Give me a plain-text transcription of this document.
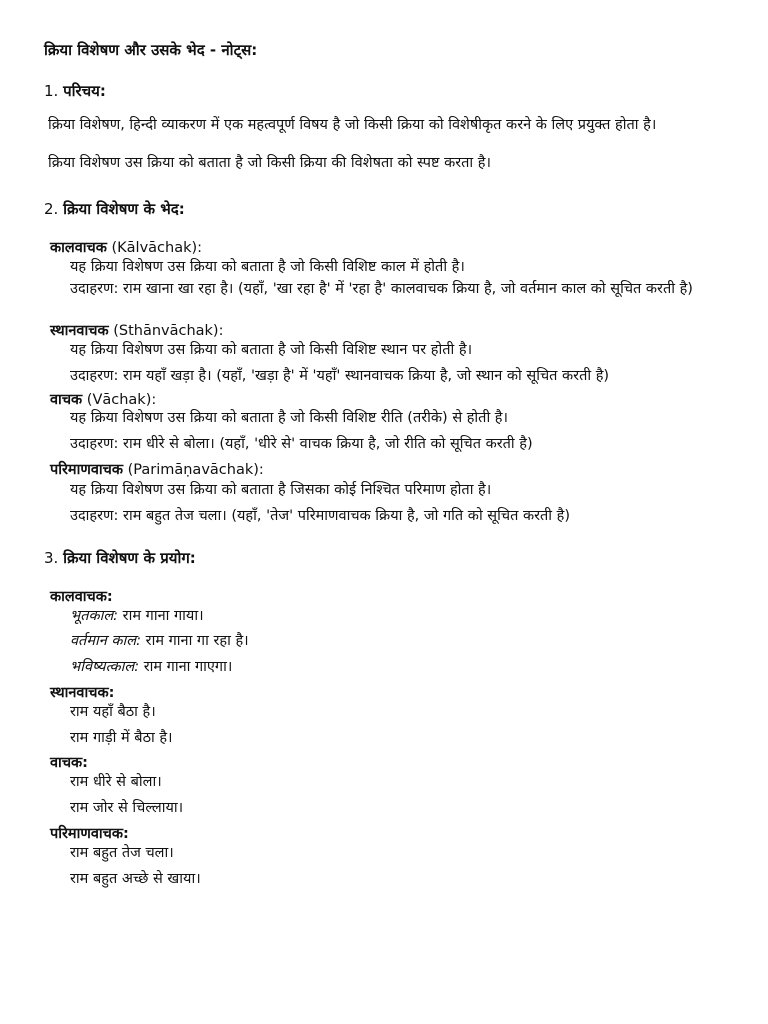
क्रिया विशेषण और उसके भेद - नोट्स:
1. परिचय:
क्रिया विशेषण, हिन्दी व्याकरण में एक महत्वपूर्ण विषय है जो किसी क्रिया को विशेषीकृत करने के लिए प्रयुक्त होता है।
क्रिया विशेषण उस क्रिया को बताता है जो किसी क्रिया की विशेषता को स्पष्ट करता है।
2. क्रिया विशेषण के भेद:
कालवाचक (Kālvāchak):
यह क्रिया विशेषण उस क्रिया को बताता है जो किसी विशिष्ट काल में होती है।
उदाहरण: राम खाना खा रहा है। (यहाँ, 'खा रहा है' में 'रहा है' कालवाचक क्रिया है, जो वर्तमान काल को सूचित करती है)
स्थानवाचक (Sthānvāchak):
यह क्रिया विशेषण उस क्रिया को बताता है जो किसी विशिष्ट स्थान पर होती है।
उदाहरण: राम यहाँ खड़ा है। (यहाँ, 'खड़ा है' में 'यहाँ' स्थानवाचक क्रिया है, जो स्थान को सूचित करती है)
वाचक (Vāchak):
यह क्रिया विशेषण उस क्रिया को बताता है जो किसी विशिष्ट रीति (तरीके) से होती है।
उदाहरण: राम धीरे से बोला। (यहाँ, 'धीरे से' वाचक क्रिया है, जो रीति को सूचित करती है)
परिमाणवाचक (Parimāṇavāchak):
यह क्रिया विशेषण उस क्रिया को बताता है जिसका कोई निश्चित परिमाण होता है।
उदाहरण: राम बहुत तेज चला। (यहाँ, 'तेज' परिमाणवाचक क्रिया है, जो गति को सूचित करती है)
3. क्रिया विशेषण के प्रयोग:
कालवाचक:
भूतकाल: राम गाना गाया।
वर्तमान काल: राम गाना गा रहा है।
भविष्यत्काल: राम गाना गाएगा।
स्थानवाचक:
राम यहाँ बैठा है।
राम गाड़ी में बैठा है।
वाचक:
राम धीरे से बोला।
राम जोर से चिल्लाया।
परिमाणवाचक:
राम बहुत तेज चला।
राम बहुत अच्छे से खाया।
